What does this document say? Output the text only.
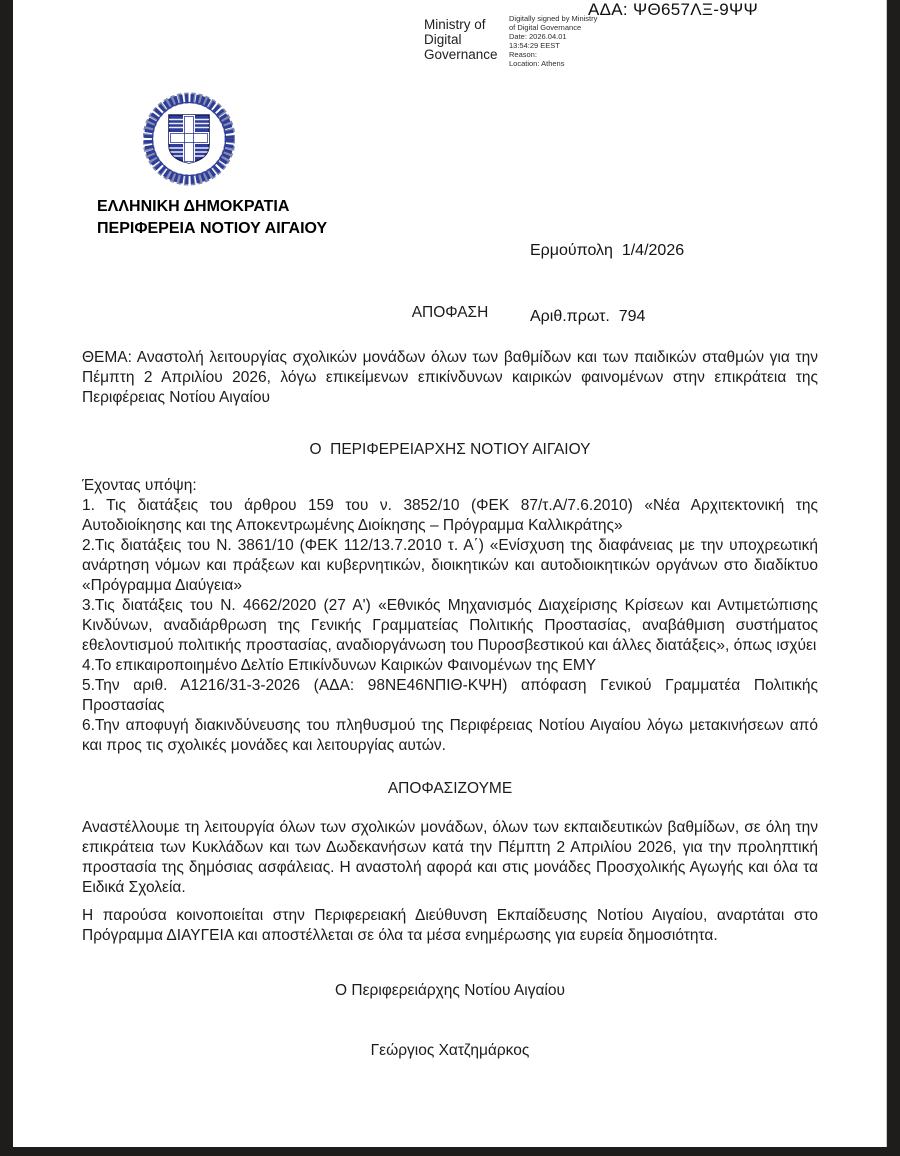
ΑΔΑ: ΨΘ657ΛΞ-9ΨΨ
Ministry of Digital Governance
Digitally signed by Ministry
of Digital Governance
Date: 2026.04.01
13:54:29 EEST
Reason:
Location: Athens
ΕΛΛΗΝΙΚΗ ΔΗΜΟΚΡΑΤΙΑ
ΠΕΡΙΦΕΡΕΙΑ ΝΟΤΙΟΥ ΑΙΓΑΙΟΥ

Ερμούπολη  1/4/2026

Αριθ.πρωτ.  794

ΑΠΟΦΑΣΗ
ΘΕΜΑ: Αναστολή λειτουργίας σχολικών μονάδων όλων των βαθμίδων και των παιδικών σταθμών για την Πέμπτη 2 Απριλίου 2026, λόγω επικείμενων επικίνδυνων καιρικών φαινομένων στην επικράτεια της Περιφέρειας Νοτίου Αιγαίου
Ο  ΠΕΡΙΦΕΡΕΙΑΡΧΗΣ ΝΟΤΙΟΥ ΑΙΓΑΙΟΥ
Έχοντας υπόψη:

1. Τις διατάξεις του άρθρου 159 του ν. 3852/10 (ΦΕΚ 87/τ.Α/7.6.2010) «Νέα Αρχιτεκτονική της Αυτοδιοίκησης και της Αποκεντρωμένης Διοίκησης – Πρόγραμμα Καλλικράτης»

2.Τις διατάξεις του Ν. 3861/10 (ΦΕΚ 112/13.7.2010 τ. Α΄) «Ενίσχυση της διαφάνειας με την υποχρεωτική ανάρτηση νόμων και πράξεων και κυβερνητικών, διοικητικών και αυτοδιοικητικών οργάνων στο διαδίκτυο «Πρόγραμμα Διαύγεια»

3.Τις διατάξεις του Ν. 4662/2020 (27 Α') «Εθνικός Μηχανισμός Διαχείρισης Κρίσεων και Αντιμετώπισης Κινδύνων, αναδιάρθρωση της Γενικής Γραμματείας Πολιτικής Προστασίας, αναβάθμιση συστήματος εθελοντισμού πολιτικής προστασίας, αναδιοργάνωση του Πυροσβεστικού και άλλες διατάξεις», όπως ισχύει

4.Το επικαιροποιημένο Δελτίο Επικίνδυνων Καιρικών Φαινομένων της ΕΜΥ

5.Την αριθ. Α1216/31-3-2026 (ΑΔΑ: 98ΝΕ46ΝΠΙΘ-ΚΨΗ) απόφαση Γενικού Γραμματέα Πολιτικής Προστασίας

6.Την αποφυγή διακινδύνευσης του πληθυσμού της Περιφέρειας Νοτίου Αιγαίου λόγω μετακινήσεων από και προς τις σχολικές μονάδες και λειτουργίας αυτών.

ΑΠΟΦΑΣΙΖΟΥΜΕ
Αναστέλλουμε τη λειτουργία όλων των σχολικών μονάδων, όλων των εκπαιδευτικών βαθμίδων, σε όλη την επικράτεια των Κυκλάδων και των Δωδεκανήσων κατά την Πέμπτη 2 Απριλίου 2026, για την προληπτική προστασία της δημόσιας ασφάλειας. Η αναστολή αφορά και στις μονάδες Προσχολικής Αγωγής και όλα τα Ειδικά Σχολεία.
Η παρούσα κοινοποιείται στην Περιφερειακή Διεύθυνση Εκπαίδευσης Νοτίου Αιγαίου, αναρτάται στο Πρόγραμμα ΔΙΑΥΓΕΙΑ και αποστέλλεται σε όλα τα μέσα ενημέρωσης για ευρεία δημοσιότητα.
Ο Περιφερειάρχης Νοτίου Αιγαίου
Γεώργιος Χατζημάρκος
